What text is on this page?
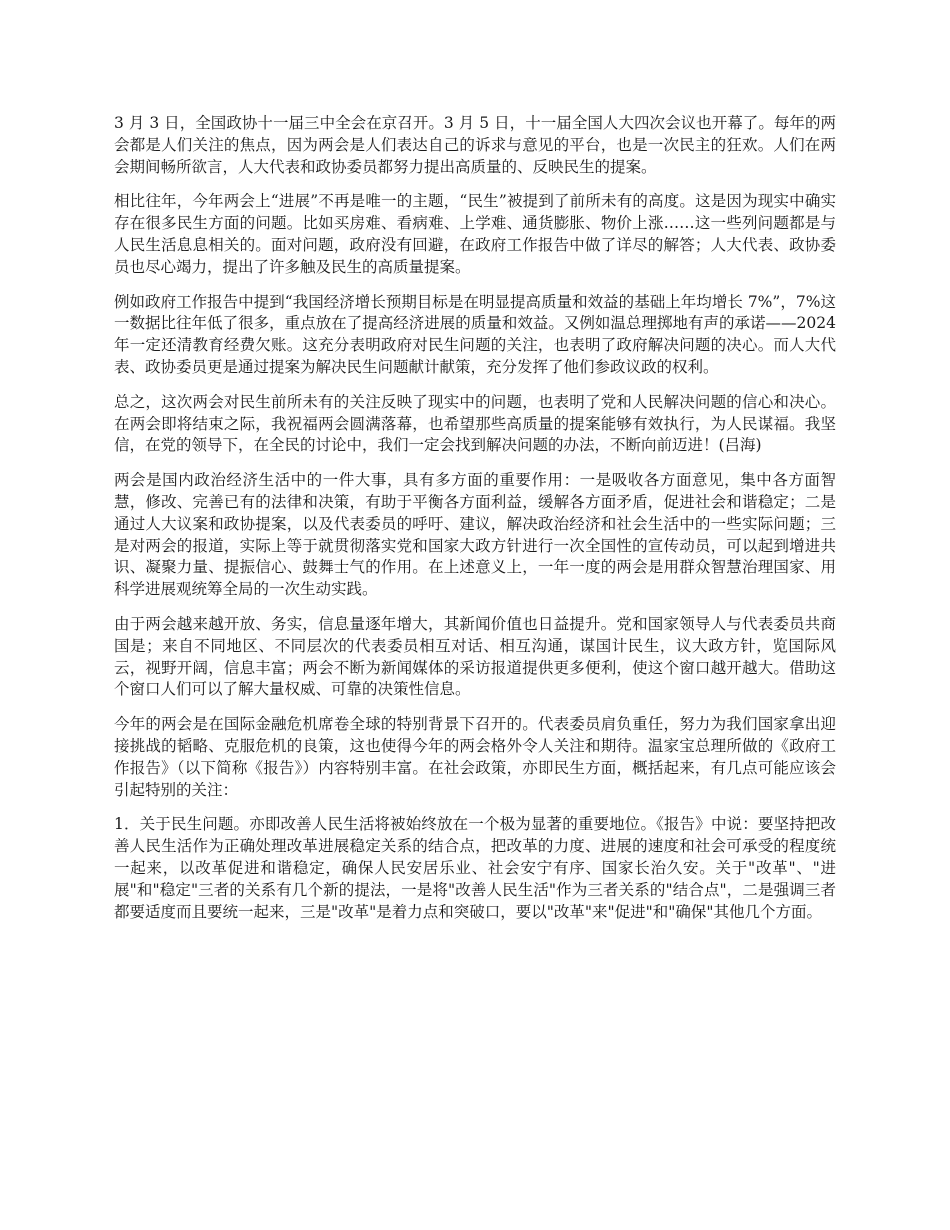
3 月 3 日，全国政协十一届三中全会在京召开。3 月 5 日，十一届全国人大四次会议也开幕了。每年的两会都是人们关注的焦点，因为两会是人们表达自己的诉求与意见的平台，也是一次民主的狂欢。人们在两会期间畅所欲言，人大代表和政协委员都努力提出高质量的、反映民生的提案。

相比往年，今年两会上“进展”不再是唯一的主题，“民生”被提到了前所未有的高度。这是因为现实中确实存在很多民生方面的问题。比如买房难、看病难、上学难、通货膨胀、物价上涨……这一些列问题都是与人民生活息息相关的。面对问题，政府没有回避，在政府工作报告中做了详尽的解答；人大代表、政协委员也尽心竭力，提出了许多触及民生的高质量提案。

例如政府工作报告中提到“我国经济增长预期目标是在明显提高质量和效益的基础上年均增长 7%”，7%这一数据比往年低了很多，重点放在了提高经济进展的质量和效益。又例如温总理掷地有声的承诺——2024 年一定还清教育经费欠账。这充分表明政府对民生问题的关注，也表明了政府解决问题的决心。而人大代表、政协委员更是通过提案为解决民生问题献计献策，充分发挥了他们参政议政的权利。

总之，这次两会对民生前所未有的关注反映了现实中的问题，也表明了党和人民解决问题的信心和决心。在两会即将结束之际，我祝福两会圆满落幕，也希望那些高质量的提案能够有效执行，为人民谋福。我坚信，在党的领导下，在全民的讨论中，我们一定会找到解决问题的办法，不断向前迈进！(吕海)

两会是国内政治经济生活中的一件大事，具有多方面的重要作用：一是吸收各方面意见，集中各方面智慧，修改、完善已有的法律和决策，有助于平衡各方面利益，缓解各方面矛盾，促进社会和谐稳定；二是通过人大议案和政协提案，以及代表委员的呼吁、建议，解决政治经济和社会生活中的一些实际问题；三是对两会的报道，实际上等于就贯彻落实党和国家大政方针进行一次全国性的宣传动员，可以起到增进共识、凝聚力量、提振信心、鼓舞士气的作用。在上述意义上，一年一度的两会是用群众智慧治理国家、用科学进展观统筹全局的一次生动实践。

由于两会越来越开放、务实，信息量逐年增大，其新闻价值也日益提升。党和国家领导人与代表委员共商国是；来自不同地区、不同层次的代表委员相互对话、相互沟通，谋国计民生，议大政方针，览国际风云，视野开阔，信息丰富；两会不断为新闻媒体的采访报道提供更多便利，使这个窗口越开越大。借助这个窗口人们可以了解大量权威、可靠的决策性信息。

今年的两会是在国际金融危机席卷全球的特别背景下召开的。代表委员肩负重任，努力为我们国家拿出迎接挑战的韬略、克服危机的良策，这也使得今年的两会格外令人关注和期待。温家宝总理所做的《政府工作报告》（以下简称《报告》）内容特别丰富。在社会政策，亦即民生方面，概括起来，有几点可能应该会引起特别的关注：

1．关于民生问题。亦即改善人民生活将被始终放在一个极为显著的重要地位。《报告》中说：要坚持把改善人民生活作为正确处理改革进展稳定关系的结合点，把改革的力度、进展的速度和社会可承受的程度统一起来，以改革促进和谐稳定，确保人民安居乐业、社会安宁有序、国家长治久安。关于"改革"、"进展"和"稳定"三者的关系有几个新的提法，一是将"改善人民生活"作为三者关系的"结合点"，二是强调三者都要适度而且要统一起来，三是"改革"是着力点和突破口，要以"改革"来"促进"和"确保"其他几个方面。
